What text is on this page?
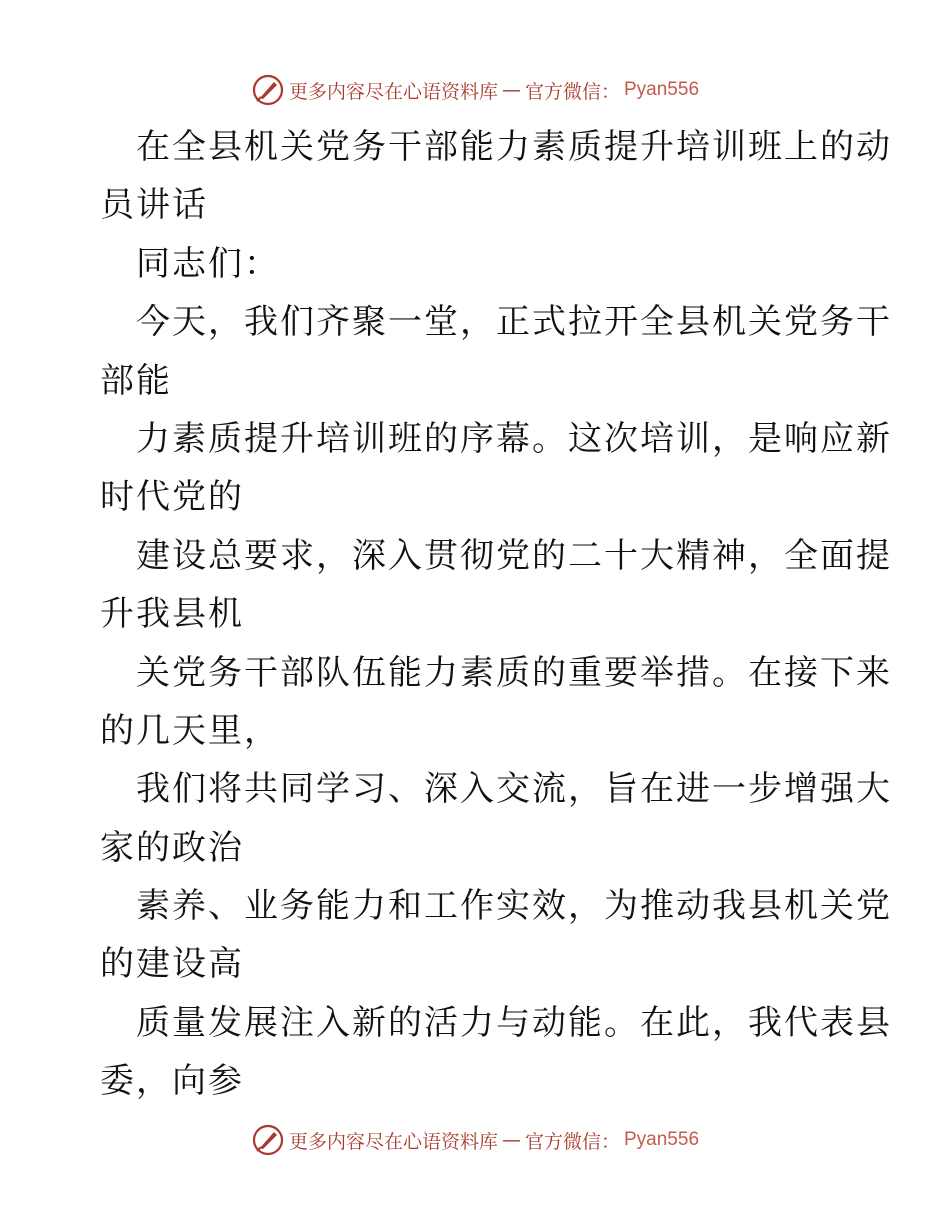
更多内容尽在心语资料库 — 官方微信： Pyan556
在全县机关党务干部能力素质提升培训班上的动
员讲话
同志们：
今天，我们齐聚一堂，正式拉开全县机关党务干
部能
力素质提升培训班的序幕。这次培训，是响应新
时代党的
建设总要求，深入贯彻党的二十大精神，全面提
升我县机
关党务干部队伍能力素质的重要举措。在接下来
的几天里，
我们将共同学习、深入交流，旨在进一步增强大
家的政治
素养、业务能力和工作实效，为推动我县机关党
的建设高
质量发展注入新的活力与动能。在此，我代表县
委，向参
更多内容尽在心语资料库 — 官方微信： Pyan556
